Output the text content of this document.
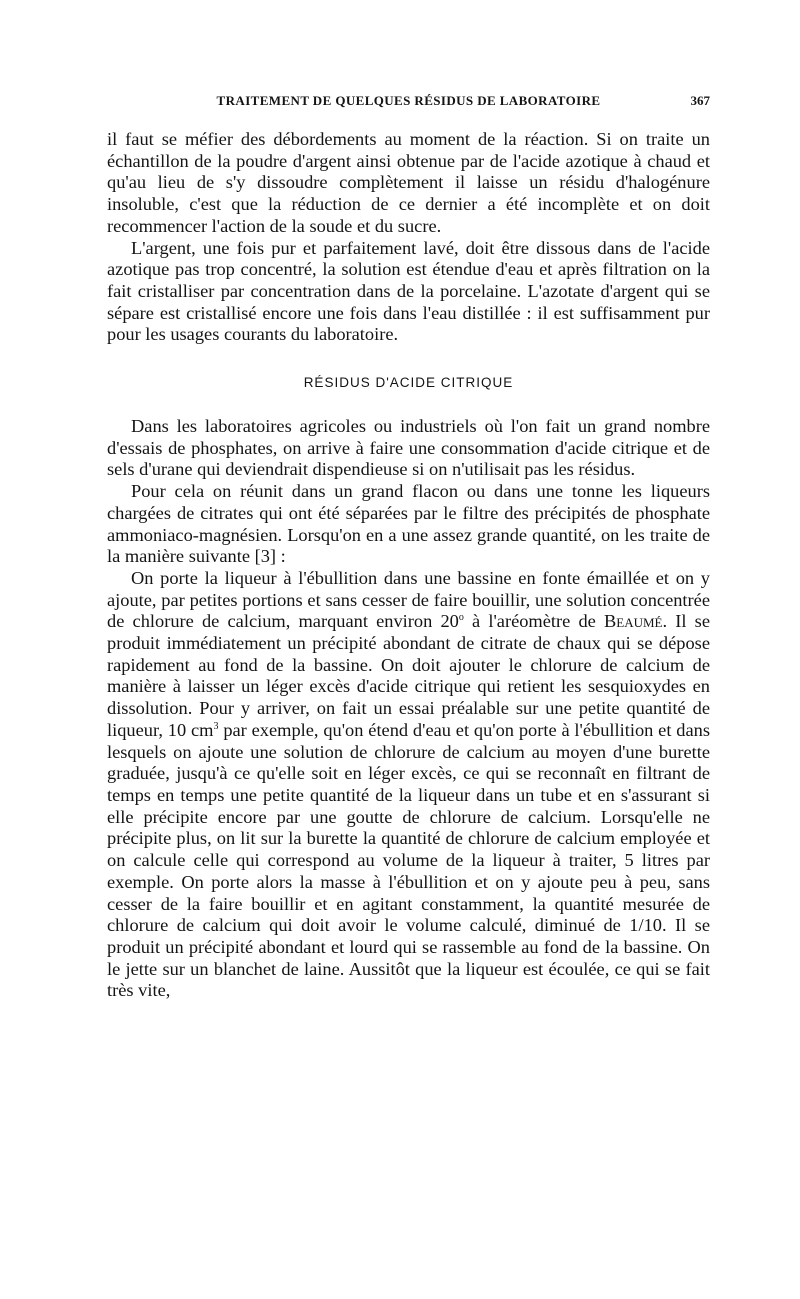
TRAITEMENT DE QUELQUES RÉSIDUS DE LABORATOIRE	367

il faut se méfier des débordements au moment de la réaction. Si on traite un échantillon de la poudre d'argent ainsi obtenue par de l'acide azotique à chaud et qu'au lieu de s'y dissoudre complètement il laisse un résidu d'halogénure insoluble, c'est que la réduction de ce dernier a été incomplète et on doit recommencer l'action de la soude et du sucre.

L'argent, une fois pur et parfaitement lavé, doit être dissous dans de l'acide azotique pas trop concentré, la solution est étendue d'eau et après filtration on la fait cristalliser par concentration dans de la porcelaine. L'azotate d'argent qui se sépare est cristallisé encore une fois dans l'eau distillée : il est suffisamment pur pour les usages courants du laboratoire.

RÉSIDUS D'ACIDE CITRIQUE

Dans les laboratoires agricoles ou industriels où l'on fait un grand nombre d'essais de phosphates, on arrive à faire une consommation d'acide citrique et de sels d'urane qui deviendrait dispendieuse si on n'utilisait pas les résidus.

Pour cela on réunit dans un grand flacon ou dans une tonne les liqueurs chargées de citrates qui ont été séparées par le filtre des précipités de phosphate ammoniaco-magnésien. Lorsqu'on en a une assez grande quantité, on les traite de la manière suivante [3] :

On porte la liqueur à l'ébullition dans une bassine en fonte émaillée et on y ajoute, par petites portions et sans cesser de faire bouillir, une solution concentrée de chlorure de calcium, marquant environ 20$^o$ à l'aréomètre de Beaumé. Il se produit immédiatement un précipité abondant de citrate de chaux qui se dépose rapidement au fond de la bassine. On doit ajouter le chlorure de calcium de manière à laisser un léger excès d'acide citrique qui retient les sesquioxydes en dissolution. Pour y arriver, on fait un essai préalable sur une petite quantité de liqueur, 10 $cm^3$ par exemple, qu'on étend d'eau et qu'on porte à l'ébullition et dans lesquels on ajoute une solution de chlorure de calcium au moyen d'une burette graduée, jusqu'à ce qu'elle soit en léger excès, ce qui se reconnaît en filtrant de temps en temps une petite quantité de la liqueur dans un tube et en s'assurant si elle précipite encore par une goutte de chlorure de calcium. Lorsqu'elle ne précipite plus, on lit sur la burette la quantité de chlorure de calcium employée et on calcule celle qui correspond au volume de la liqueur à traiter, 5 litres par exemple. On porte alors la masse à l'ébullition et on y ajoute peu à peu, sans cesser de la faire bouillir et en agitant constamment, la quantité mesurée de chlorure de calcium qui doit avoir le volume calculé, diminué de 1/10. Il se produit un précipité abondant et lourd qui se rassemble au fond de la bassine. On le jette sur un blanchet de laine. Aussitôt que la liqueur est écoulée, ce qui se fait très vite,
